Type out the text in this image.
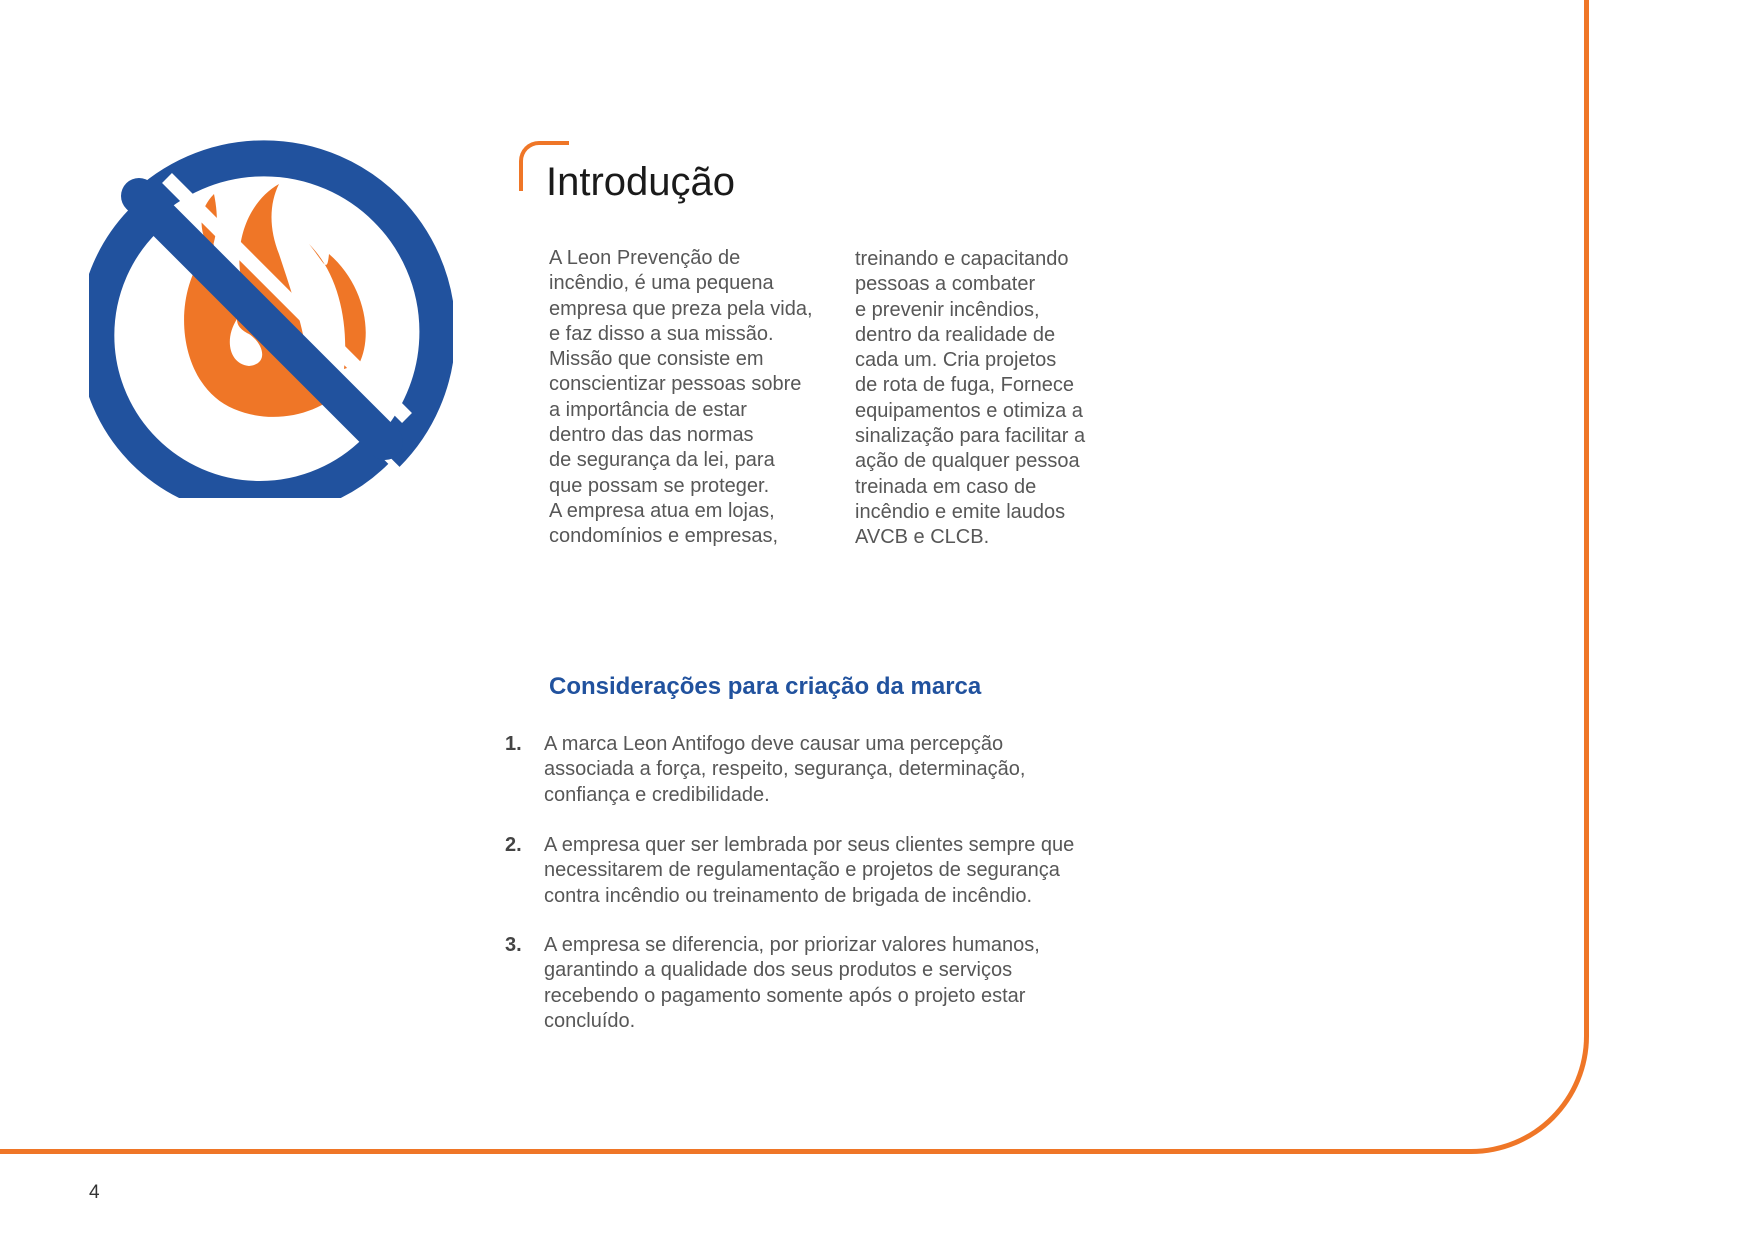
Introdução

A Leon Prevenção de
incêndio, é uma pequena
empresa que preza pela vida,
e faz disso a sua missão.
Missão que consiste em
conscientizar pessoas sobre
a importância de estar
dentro das das normas
de segurança da lei, para
que possam se proteger.
A empresa atua em lojas,
condomínios e empresas,

treinando e capacitando
pessoas a combater
e prevenir incêndios,
dentro da realidade de
cada um. Cria projetos
de rota de fuga, Fornece
equipamentos e otimiza a
sinalização para facilitar a
ação de qualquer pessoa
treinada em caso de
incêndio e emite laudos
AVCB e CLCB.

Considerações para criação da marca
1. A marca Leon Antifogo deve causar uma percepção
associada a força, respeito, segurança, determinação,
confiança e credibilidade.
2. A empresa quer ser lembrada por seus clientes sempre que
necessitarem de regulamentação e projetos de segurança
contra incêndio ou treinamento de brigada de incêndio.
3. A empresa se diferencia, por priorizar valores humanos,
garantindo a qualidade dos seus produtos e serviços
recebendo o pagamento somente após o projeto estar
concluído.
4
